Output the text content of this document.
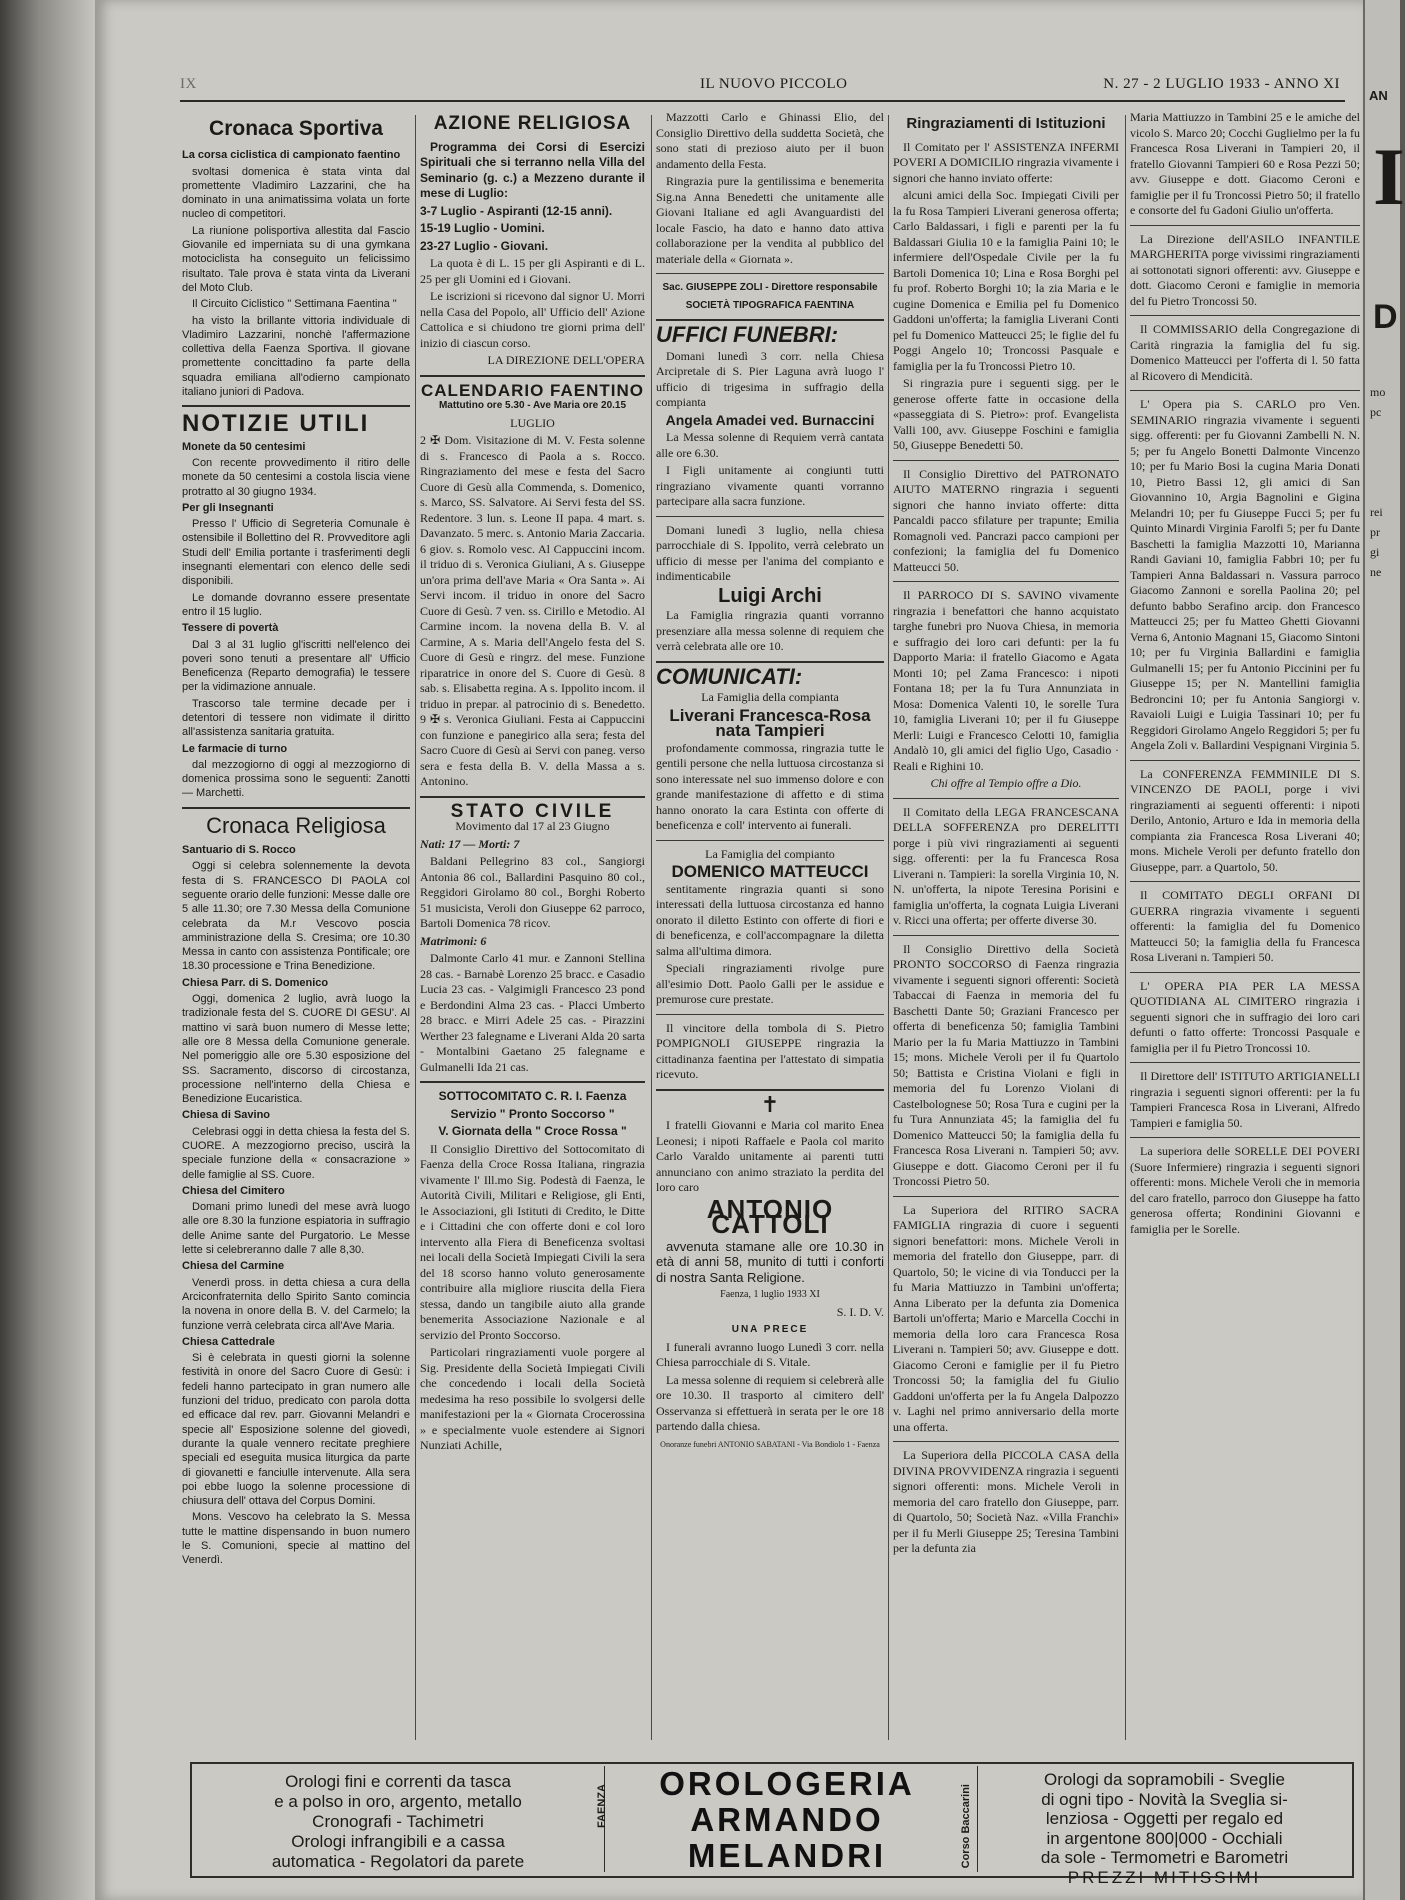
AN
I
D
mo
pc
rei
pr
gi
ne
IX	IL NUOVO PICCOLO	N. 27 - 2 LUGLIO 1933 - ANNO XI
Cronaca Sportiva

La corsa ciclistica di campionato faentino

svoltasi domenica è stata vinta dal promettente Vladimiro Lazzarini, che ha dominato in una animatissima volata un forte nucleo di competitori.

La riunione polisportiva allestita dal Fascio Giovanile ed imperniata su di una gymkana motociclista ha conseguito un felicissimo risultato. Tale prova è stata vinta da Liverani del Moto Club.

Il Circuito Ciclistico " Settimana Faentina "

ha visto la brillante vittoria individuale di Vladimiro Lazzarini, nonchè l'affermazione collettiva della Faenza Sportiva. Il giovane promettente concittadino fa parte della squadra emiliana all'odierno campionato italiano juniori di Padova.

NOTIZIE UTILI

Monete da 50 centesimi

Con recente provvedimento il ritiro delle monete da 50 centesimi a costola liscia viene protratto al 30 giugno 1934.

Per gli Insegnanti

Presso l' Ufficio di Segreteria Comunale è ostensibile il Bollettino del R. Provveditore agli Studi dell' Emilia portante i trasferimenti degli insegnanti elementari con elenco delle sedi disponibili.

Le domande dovranno essere presentate entro il 15 luglio.

Tessere di povertà

Dal 3 al 31 luglio gl'iscritti nell'elenco dei poveri sono tenuti a presentare all' Ufficio Beneficenza (Reparto demografia) le tessere per la vidimazione annuale.

Trascorso tale termine decade per i detentori di tessere non vidimate il diritto all'assistenza sanitaria gratuita.

Le farmacie di turno

dal mezzogiorno di oggi al mezzogiorno di domenica prossima sono le seguenti: Zanotti — Marchetti.

Cronaca Religiosa

Santuario di S. Rocco

Oggi si celebra solennemente la devota festa di S. FRANCESCO DI PAOLA col seguente orario delle funzioni: Messe dalle ore 5 alle 11.30; ore 7.30 Messa della Comunione celebrata da M.r Vescovo poscia amministrazione della S. Cresima; ore 10.30 Messa in canto con assistenza Pontificale; ore 18.30 processione e Trina Benedizione.

Chiesa Parr. di S. Domenico

Oggi, domenica 2 luglio, avrà luogo la tradizionale festa del S. CUORE DI GESU'. Al mattino vi sarà buon numero di Messe lette; alle ore 8 Messa della Comunione generale. Nel pomeriggio alle ore 5.30 esposizione del SS. Sacramento, discorso di circostanza, processione nell'interno della Chiesa e Benedizione Eucaristica.

Chiesa di Savino

Celebrasi oggi in detta chiesa la festa del S. CUORE. A mezzogiorno preciso, uscirà la speciale funzione della « consacrazione » delle famiglie al SS. Cuore.

Chiesa del Cimitero

Domani primo lunedì del mese avrà luogo alle ore 8.30 la funzione espiatoria in suffragio delle Anime sante del Purgatorio. Le Messe lette si celebreranno dalle 7 alle 8,30.

Chiesa del Carmine

Venerdì pross. in detta chiesa a cura della Arciconfraternita dello Spirito Santo comincia la novena in onore della B. V. del Carmelo; la funzione verrà celebrata circa all'Ave Maria.

Chiesa Cattedrale

Si è celebrata in questi giorni la solenne festività in onore del Sacro Cuore di Gesù: i fedeli hanno partecipato in gran numero alle funzioni del triduo, predicato con parola dotta ed efficace dal rev. parr. Giovanni Melandri e specie all' Esposizione solenne del giovedì, durante la quale vennero recitate preghiere speciali ed eseguita musica liturgica da parte di giovanetti e fanciulle intervenute. Alla sera poi ebbe luogo la solenne processione di chiusura dell' ottava del Corpus Domini.

Mons. Vescovo ha celebrato la S. Messa tutte le mattine dispensando in buon numero le S. Comunioni, specie al mattino del Venerdì.

AZIONE RELIGIOSA

Programma dei Corsi di Esercizi Spirituali che si terranno nella Villa del Seminario (g. c.) a Mezzeno durante il mese di Luglio:

3-7 Luglio - Aspiranti (12-15 anni).

15-19 Luglio - Uomini.

23-27 Luglio - Giovani.

La quota è di L. 15 per gli Aspiranti e di L. 25 per gli Uomini ed i Giovani.

Le iscrizioni si ricevono dal signor U. Morri nella Casa del Popolo, all' Ufficio dell' Azione Cattolica e si chiudono tre giorni prima dell' inizio di ciascun corso.

LA DIREZIONE DELL'OPERA

CALENDARIO FAENTINO

Mattutino ore 5.30 - Ave Maria ore 20.15

LUGLIO

2 ✠ Dom. Visitazione di M. V. Festa solenne di s. Francesco di Paola a s. Rocco. Ringraziamento del mese e festa del Sacro Cuore di Gesù alla Commenda, s. Domenico, s. Marco, SS. Salvatore. Ai Servi festa del SS. Redentore. 3 lun. s. Leone II papa. 4 mart. s. Davanzato. 5 merc. s. Antonio Maria Zaccaria. 6 giov. s. Romolo vesc. Al Cappuccini incom. il triduo di s. Veronica Giuliani, A s. Giuseppe un'ora prima dell'ave Maria « Ora Santa ». Ai Servi incom. il triduo in onore del Sacro Cuore di Gesù. 7 ven. ss. Cirillo e Metodio. Al Carmine incom. la novena della B. V. al Carmine, A s. Maria dell'Angelo festa del S. Cuore di Gesù e ringrz. del mese. Funzione riparatrice in onore del S. Cuore di Gesù. 8 sab. s. Elisabetta regina. A s. Ippolito incom. il triduo in prepar. al patrocinio di s. Benedetto. 9 ✠ s. Veronica Giuliani. Festa ai Cappuccini con funzione e panegirico alla sera; festa del Sacro Cuore di Gesù ai Servi con paneg. verso sera e festa della B. V. della Massa a s. Antonino.

STATO CIVILE

Movimento dal 17 al 23 Giugno

Nati: 17 — Morti: 7

Baldani Pellegrino 83 col., Sangiorgi Antonia 86 col., Ballardini Pasquino 80 col., Reggidori Girolamo 80 col., Borghi Roberto 51 musicista, Veroli don Giuseppe 62 parroco, Bartoli Domenica 78 ricov.

Matrimoni: 6

Dalmonte Carlo 41 mur. e Zannoni Stellina 28 cas. - Barnabè Lorenzo 25 bracc. e Casadio Lucia 23 cas. - Valgimigli Francesco 23 pond e Berdondini Alma 23 cas. - Placci Umberto 28 bracc. e Mirri Adele 25 cas. - Pirazzini Werther 23 falegname e Liverani Alda 20 sarta - Montalbini Gaetano 25 falegname e Gulmanelli Ida 21 cas.

SOTTOCOMITATO C. R. I. Faenza

Servizio " Pronto Soccorso "

V. Giornata della " Croce Rossa "

Il Consiglio Direttivo del Sottocomitato di Faenza della Croce Rossa Italiana, ringrazia vivamente l' Ill.mo Sig. Podestà di Faenza, le Autorità Civili, Militari e Religiose, gli Enti, le Associazioni, gli Istituti di Credito, le Ditte e i Cittadini che con offerte doni e col loro intervento alla Fiera di Beneficenza svoltasi nei locali della Società Impiegati Civili la sera del 18 scorso hanno voluto generosamente contribuire alla migliore riuscita della Fiera stessa, dando un tangibile aiuto alla grande benemerita Associazione Nazionale e al servizio del Pronto Soccorso.

Particolari ringraziamenti vuole porgere al Sig. Presidente della Società Impiegati Civili che concedendo i locali della Società medesima ha reso possibile lo svolgersi delle manifestazioni per la « Giornata Crocerossina » e specialmente vuole estendere ai Signori Nunziati Achille,

Mazzotti Carlo e Ghinassi Elio, del Consiglio Direttivo della suddetta Società, che sono stati di prezioso aiuto per il buon andamento della Festa.

Ringrazia pure la gentilissima e benemerita Sig.na Anna Benedetti che unitamente alle Giovani Italiane ed agli Avanguardisti del locale Fascio, ha dato e hanno dato attiva collaborazione per la vendita al pubblico del materiale della « Giornata ».

Sac. GIUSEPPE ZOLI - Direttore responsabile

SOCIETÀ TIPOGRAFICA FAENTINA

UFFICI FUNEBRI:

Domani lunedì 3 corr. nella Chiesa Arcipretale di S. Pier Laguna avrà luogo l' ufficio di trigesima in suffragio della compianta

Angela Amadei ved. Burnaccini

La Messa solenne di Requiem verrà cantata alle ore 6.30.

I Figli unitamente ai congiunti tutti ringraziano vivamente quanti vorranno partecipare alla sacra funzione.

Domani lunedì 3 luglio, nella chiesa parrocchiale di S. Ippolito, verrà celebrato un ufficio di messe per l'anima del compianto e indimenticabile

Luigi Archi

La Famiglia ringrazia quanti vorranno presenziare alla messa solenne di requiem che verrà celebrata alle ore 10.

COMUNICATI:

La Famiglia della compianta

Liverani Francesca-Rosa nata Tampieri

profondamente commossa, ringrazia tutte le gentili persone che nella luttuosa circostanza si sono interessate nel suo immenso dolore e con grande manifestazione di affetto e di stima hanno onorato la cara Estinta con offerte di beneficenza e coll' intervento ai funerali.

La Famiglia del compianto

DOMENICO MATTEUCCI

sentitamente ringrazia quanti si sono interessati della luttuosa circostanza ed hanno onorato il diletto Estinto con offerte di fiori e di beneficenza, e coll'accompagnare la diletta salma all'ultima dimora.

Speciali ringraziamenti rivolge pure all'esimio Dott. Paolo Galli per le assidue e premurose cure prestate.

Il vincitore della tombola di S. Pietro POMPIGNOLI GIUSEPPE ringrazia la cittadinanza faentina per l'attestato di simpatia ricevuto.

✝

I fratelli Giovanni e Maria col marito Enea Leonesi; i nipoti Raffaele e Paola col marito Carlo Varaldo unitamente ai parenti tutti annunciano con animo straziato la perdita del loro caro

ANTONIO CATTOLI

avvenuta stamane alle ore 10.30 in età di anni 58, munito di tutti i conforti di nostra Santa Religione.

Faenza, 1 luglio 1933 XI

S. I. D. V.

UNA PRECE

I funerali avranno luogo Lunedì 3 corr. nella Chiesa parrocchiale di S. Vitale.

La messa solenne di requiem si celebrerà alle ore 10.30. Il trasporto al cimitero dell' Osservanza si effettuerà in serata per le ore 18 partendo dalla chiesa.

Onoranze funebri ANTONIO SABATANI - Via Bondiolo 1 - Faenza

Ringraziamenti di Istituzioni

Il Comitato per l' ASSISTENZA INFERMI POVERI A DOMICILIO ringrazia vivamente i signori che hanno inviato offerte:

alcuni amici della Soc. Impiegati Civili per la fu Rosa Tampieri Liverani generosa offerta; Carlo Baldassari, i figli e parenti per la fu Baldassari Giulia 10 e la famiglia Paini 10; le infermiere dell'Ospedale Civile per la fu Bartoli Domenica 10; Lina e Rosa Borghi pel fu prof. Roberto Borghi 10; la zia Maria e le cugine Domenica e Emilia pel fu Domenico Gaddoni un'offerta; la famiglia Liverani Conti pel fu Domenico Matteucci 25; le figlie del fu Poggi Angelo 10; Troncossi Pasquale e famiglia per la fu Troncossi Pietro 10.

Si ringrazia pure i seguenti sigg. per le generose offerte fatte in occasione della «passeggiata di S. Pietro»: prof. Evangelista Valli 100, avv. Giuseppe Foschini e famiglia 50, Giuseppe Benedetti 50.

Il Consiglio Direttivo del PATRONATO AIUTO MATERNO ringrazia i seguenti signori che hanno inviato offerte: ditta Pancaldi pacco sfilature per trapunte; Emilia Romagnoli ved. Pancrazi pacco campioni per confezioni; la famiglia del fu Domenico Matteucci 50.

Il PARROCO DI S. SAVINO vivamente ringrazia i benefattori che hanno acquistato targhe funebri pro Nuova Chiesa, in memoria e suffragio dei loro cari defunti: per la fu Dapporto Maria: il fratello Giacomo e Agata Monti 10; pel Zama Francesco: i nipoti Fontana 18; per la fu Tura Annunziata in Mosa: Domenica Valenti 10, le sorelle Tura 10, famiglia Liverani 10; per il fu Giuseppe Merli: Luigi e Francesco Celotti 10, famiglia Andalò 10, gli amici del figlio Ugo, Casadio · Reali e Righini 10.

Chi offre al Tempio offre a Dio.

Il Comitato della LEGA FRANCESCANA DELLA SOFFERENZA pro DERELITTI porge i più vivi ringraziamenti ai seguenti sigg. offerenti: per la fu Francesca Rosa Liverani n. Tampieri: la sorella Virginia 10, N. N. un'offerta, la nipote Teresina Porisini e famiglia un'offerta, la cognata Luigia Liverani v. Ricci una offerta; per offerte diverse 30.

Il Consiglio Direttivo della Società PRONTO SOCCORSO di Faenza ringrazia vivamente i seguenti signori offerenti: Società Tabaccai di Faenza in memoria del fu Baschetti Dante 50; Graziani Francesco per offerta di beneficenza 50; famiglia Tambini Mario per la fu Maria Mattiuzzo in Tambini 15; mons. Michele Veroli per il fu Quartolo 50; Battista e Cristina Violani e figli in memoria del fu Lorenzo Violani di Castelbolognese 50; Rosa Tura e cugini per la fu Tura Annunziata 45; la famiglia del fu Domenico Matteucci 50; la famiglia della fu Francesca Rosa Liverani n. Tampieri 50; avv. Giuseppe e dott. Giacomo Ceroni per il fu Troncossi Pietro 50.

La Superiora del RITIRO SACRA FAMIGLIA ringrazia di cuore i seguenti signori benefattori: mons. Michele Veroli in memoria del fratello don Giuseppe, parr. di Quartolo, 50; le vicine di via Tonducci per la fu Maria Mattiuzzo in Tambini un'offerta; Anna Liberato per la defunta zia Domenica Bartoli un'offerta; Mario e Marcella Cocchi in memoria della loro cara Francesca Rosa Liverani n. Tampieri 50; avv. Giuseppe e dott. Giacomo Ceroni e famiglie per il fu Pietro Troncossi 50; la famiglia del fu Giulio Gaddoni un'offerta per la fu Angela Dalpozzo v. Laghi nel primo anniversario della morte una offerta.

La Superiora della PICCOLA CASA della DIVINA PROVVIDENZA ringrazia i seguenti signori offerenti: mons. Michele Veroli in memoria del caro fratello don Giuseppe, parr. di Quartolo, 50; Società Naz. «Villa Franchi» per il fu Merli Giuseppe 25; Teresina Tambini per la defunta zia

Maria Mattiuzzo in Tambini 25 e le amiche del vicolo S. Marco 20; Cocchi Guglielmo per la fu Francesca Rosa Liverani in Tampieri 20, il fratello Giovanni Tampieri 60 e Rosa Pezzi 50; avv. Giuseppe e dott. Giacomo Ceroni e famiglie per il fu Troncossi Pietro 50; il fratello e consorte del fu Gadoni Giulio un'offerta.

La Direzione dell'ASILO INFANTILE MARGHERITA porge vivissimi ringraziamenti ai sottonotati signori offerenti: avv. Giuseppe e dott. Giacomo Ceroni e famiglie in memoria del fu Pietro Troncossi 50.

Il COMMISSARIO della Congregazione di Carità ringrazia la famiglia del fu sig. Domenico Matteucci per l'offerta di l. 50 fatta al Ricovero di Mendicità.

L' Opera pia S. CARLO pro Ven. SEMINARIO ringrazia vivamente i seguenti sigg. offerenti: per fu Giovanni Zambelli N. N. 5; per fu Angelo Bonetti Dalmonte Vincenzo 10; per fu Mario Bosi la cugina Maria Donati 10, Pietro Bassi 12, gli amici di San Giovannino 10, Argia Bagnolini e Gigina Melandri 10; per fu Giuseppe Fucci 5; per fu Quinto Minardi Virginia Farolfi 5; per fu Dante Baschetti la famiglia Mazzotti 10, Marianna Randi Gaviani 10, famiglia Fabbri 10; per fu Tampieri Anna Baldassari n. Vassura parroco Giacomo Zannoni e sorella Paolina 20; pel defunto babbo Serafino arcip. don Francesco Matteucci 25; per fu Matteo Ghetti Giovanni Verna 6, Antonio Magnani 15, Giacomo Sintoni 10; per fu Virginia Ballardini e famiglia Gulmanelli 15; per fu Antonio Piccinini per fu Giuseppe 15; per N. Mantellini famiglia Bedroncini 10; per fu Antonia Sangiorgi v. Ravaioli Luigi e Luigia Tassinari 10; per fu Reggidori Girolamo Angelo Reggidori 5; per fu Angela Zoli v. Ballardini Vespignani Virginia 5.

La CONFERENZA FEMMINILE DI S. VINCENZO DE PAOLI, porge i vivi ringraziamenti ai seguenti offerenti: i nipoti Derilo, Antonio, Arturo e Ida in memoria della compianta zia Francesca Rosa Liverani 40; mons. Michele Veroli per defunto fratello don Giuseppe, parr. a Quartolo, 50.

Il COMITATO DEGLI ORFANI DI GUERRA ringrazia vivamente i seguenti offerenti: la famiglia del fu Domenico Matteucci 50; la famiglia della fu Francesca Rosa Liverani n. Tampieri 50.

L' OPERA PIA PER LA MESSA QUOTIDIANA AL CIMITERO ringrazia i seguenti signori che in suffragio dei loro cari defunti o fatto offerte: Troncossi Pasquale e famiglia per il fu Pietro Troncossi 10.

Il Direttore dell' ISTITUTO ARTIGIANELLI ringrazia i seguenti signori offerenti: per la fu Tampieri Francesca Rosa in Liverani, Alfredo Tampieri e famiglia 50.

La superiora delle SORELLE DEI POVERI (Suore Infermiere) ringrazia i seguenti signori offerenti: mons. Michele Veroli che in memoria del caro fratello, parroco don Giuseppe ha fatto generosa offerta; Rondinini Giovanni e famiglia per le Sorelle.

Orologi fini e correnti da tasca
e a polso in oro, argento, metallo
Cronografi - Tachimetri
Orologi infrangibili e a cassa
automatica - Regolatori da parete
FAENZA
OROLOGERIA
ARMANDO
MELANDRI	Corso Baccarini
Orologi da sopramobili - Sveglie
di ogni tipo - Novità la Sveglia si-
lenziosa - Oggetti per regalo ed
in argentone 800|000 - Occhiali
da sole - Termometri e Barometri
PREZZI MITISSIMI
